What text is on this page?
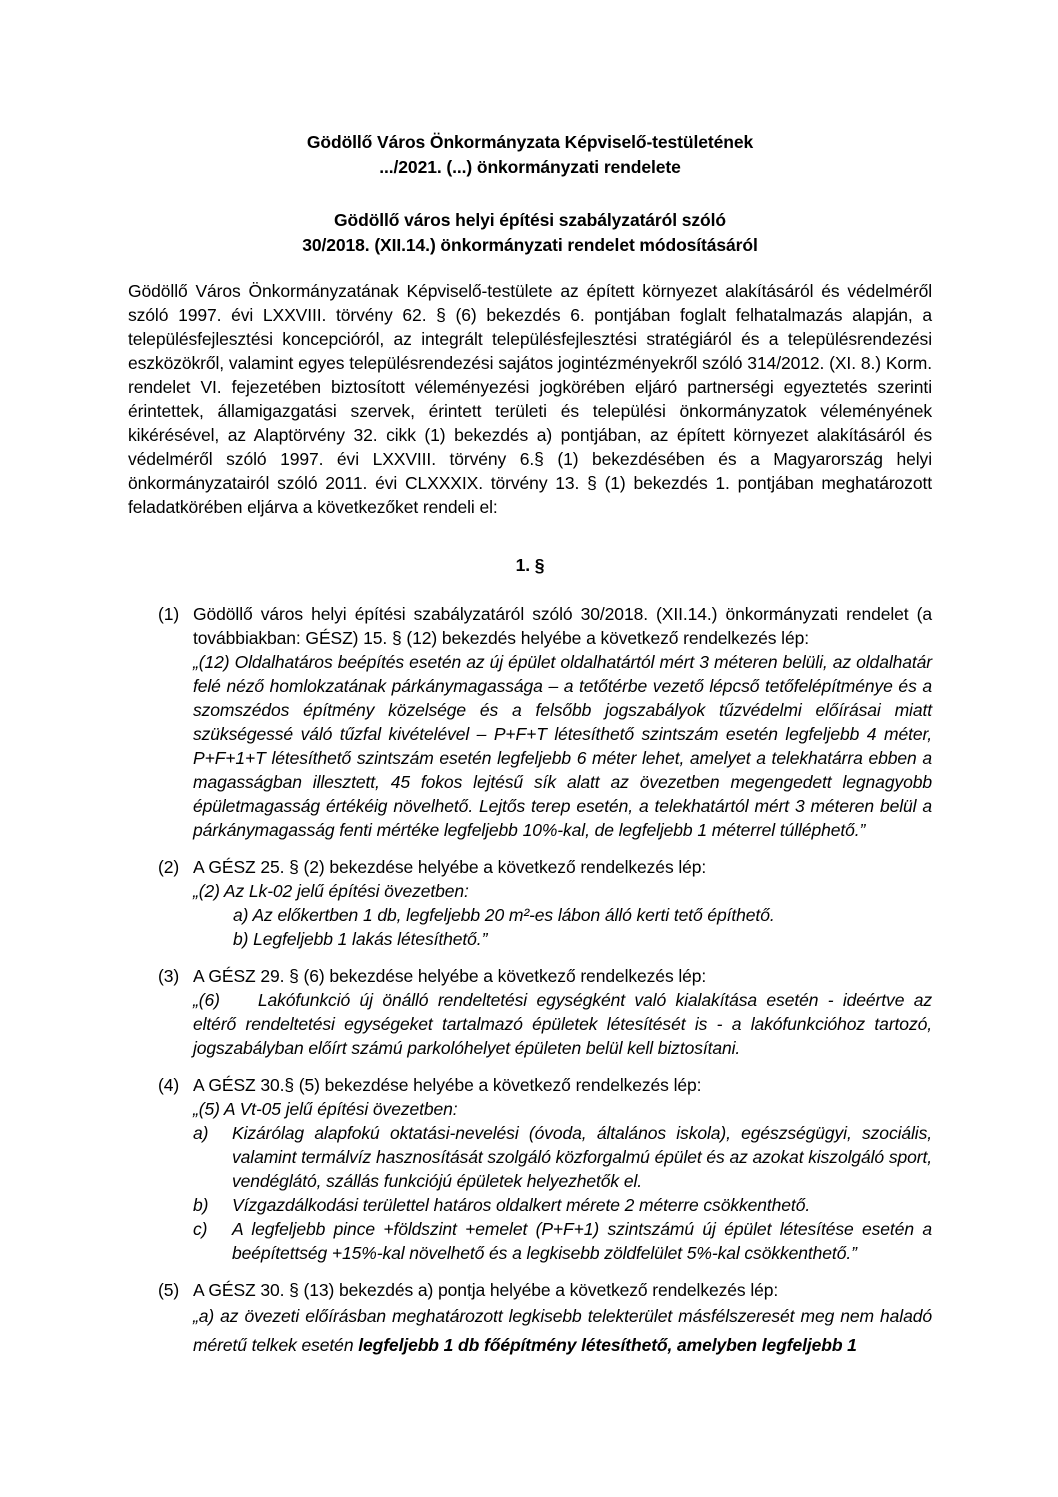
Gödöllő Város Önkormányzata Képviselő-testületének
.../2021. (...) önkormányzati rendelete
Gödöllő város helyi építési szabályzatáról szóló
30/2018. (XII.14.) önkormányzati rendelet módosításáról

Gödöllő Város Önkormányzatának Képviselő-testülete az épített környezet alakításáról és védelméről szóló 1997. évi LXXVIII. törvény 62. § (6) bekezdés 6. pontjában foglalt felhatalmazás alapján, a településfejlesztési koncepcióról, az integrált településfejlesztési stratégiáról és a településrendezési eszközökről, valamint egyes településrendezési sajátos jogintézményekről szóló 314/2012. (XI. 8.) Korm. rendelet VI. fejezetében biztosított véleményezési jogkörében eljáró partnerségi egyeztetés szerinti érintettek, államigazgatási szervek, érintett területi és települési önkormányzatok véleményének kikérésével, az Alaptörvény 32. cikk (1) bekezdés a) pontjában, az épített környezet alakításáról és védelméről szóló 1997. évi LXXVIII. törvény 6.§ (1) bekezdésében és a Magyarország helyi önkormányzatairól szóló 2011. évi CLXXXIX. törvény 13. § (1) bekezdés 1. pontjában meghatározott feladatkörében eljárva a következőket rendeli el:

1. §
(1) Gödöllő város helyi építési szabályzatáról szóló 30/2018. (XII.14.) önkormányzati rendelet (a továbbiakban: GÉSZ) 15. § (12) bekezdés helyébe a következő rendelkezés lép:
„(12) Oldalhatáros beépítés esetén az új épület oldalhatártól mért 3 méteren belüli, az oldalhatár felé néző homlokzatának párkánymagassága – a tetőtérbe vezető lépcső tetőfelépítménye és a szomszédos építmény közelsége és a felsőbb jogszabályok tűzvédelmi előírásai miatt szükségessé váló tűzfal kivételével – P+F+T létesíthető szintszám esetén legfeljebb 4 méter, P+F+1+T létesíthető szintszám esetén legfeljebb 6 méter lehet, amelyet a telekhatárra ebben a magasságban illesztett, 45 fokos lejtésű sík alatt az övezetben megengedett legnagyobb épületmagasság értékéig növelhető. Lejtős terep esetén, a telekhatártól mért 3 méteren belül a párkánymagasság fenti mértéke legfeljebb 10%-kal, de legfeljebb 1 méterrel túlléphető.”
(2) A GÉSZ 25. § (2) bekezdése helyébe a következő rendelkezés lép:
„(2) Az Lk-02 jelű építési övezetben:
a) Az előkertben 1 db, legfeljebb 20 m²-es lábon álló kerti tető építhető.
b) Legfeljebb 1 lakás létesíthető.”
(3) A GÉSZ 29. § (6) bekezdése helyébe a következő rendelkezés lép:
„(6) Lakófunkció új önálló rendeltetési egységként való kialakítása esetén - ideértve az eltérő rendeltetési egységeket tartalmazó épületek létesítését is - a lakófunkcióhoz tartozó, jogszabályban előírt számú parkolóhelyet épületen belül kell biztosítani.
(4) A GÉSZ 30.§ (5) bekezdése helyébe a következő rendelkezés lép:
„(5) A Vt-05 jelű építési övezetben:
a) Kizárólag alapfokú oktatási-nevelési (óvoda, általános iskola), egészségügyi, szociális, valamint termálvíz hasznosítását szolgáló közforgalmú épület és az azokat kiszolgáló sport, vendéglátó, szállás funkciójú épületek helyezhetők el.
b) Vízgazdálkodási területtel határos oldalkert mérete 2 méterre csökkenthető.
c) A legfeljebb pince +földszint +emelet (P+F+1) szintszámú új épület létesítése esetén a beépítettség +15%-kal növelhető és a legkisebb zöldfelület 5%-kal csökkenthető.”
(5) A GÉSZ 30. § (13) bekezdés a) pontja helyébe a következő rendelkezés lép:
„a) az övezeti előírásban meghatározott legkisebb telekterület másfélszeresét meg nem haladó méretű telkek esetén legfeljebb 1 db főépítmény létesíthető, amelyben legfeljebb 1
